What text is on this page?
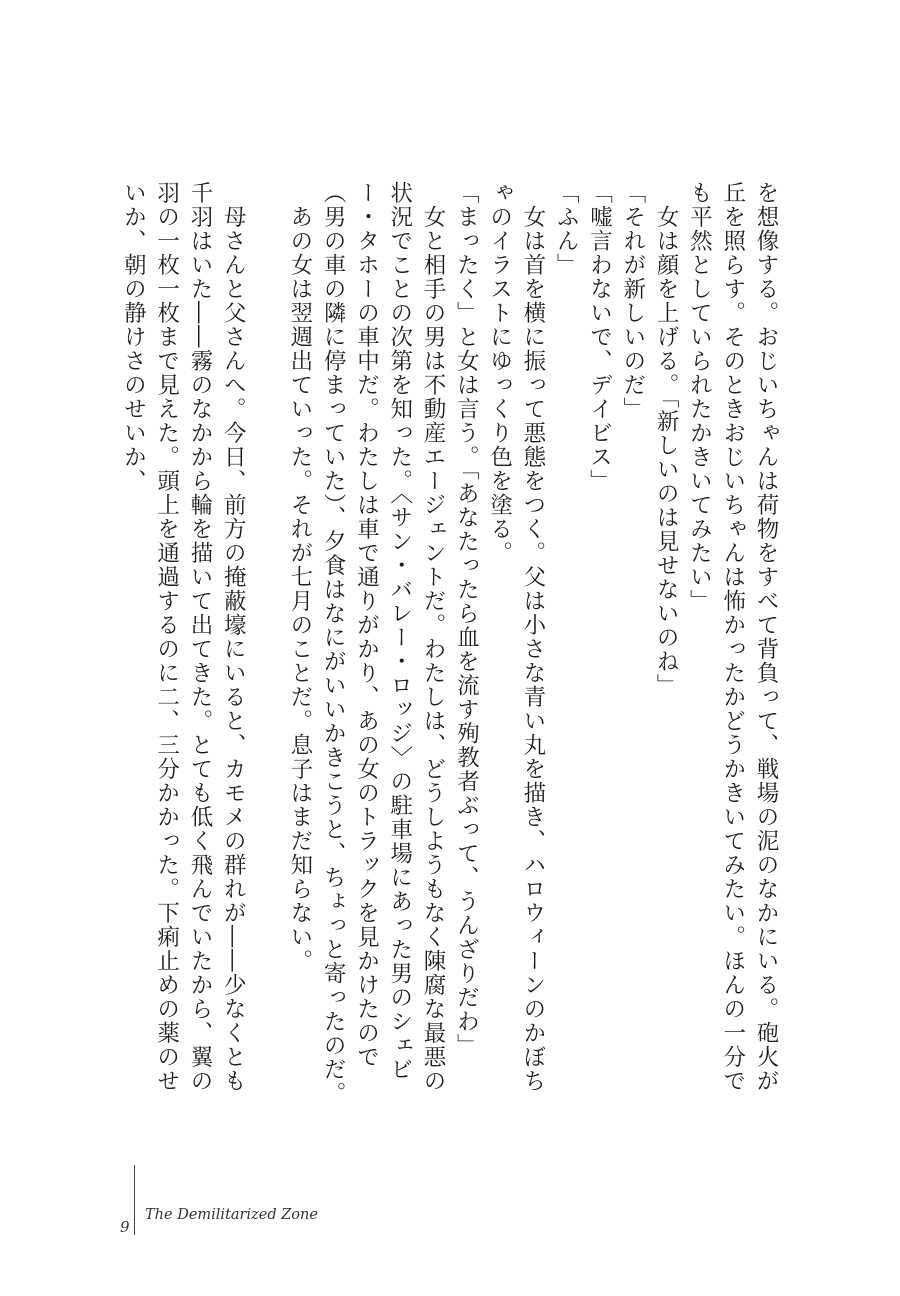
を想像する。おじいちゃんは荷物をすべて背負って、戦場の泥のなかにいる。砲火が丘を照らす。そのときおじいちゃんは怖かったかどうかきいてみたい。ほんの一分でも平然としていられたかきいてみたい」

　女は顔を上げる。「新しいのは見せないのね」

「それが新しいのだ」

「嘘言わないで、デイビス」

「ふん」

　女は首を横に振って悪態をつく。父は小さな青い丸を描き、ハロウィーンのかぼちゃのイラストにゆっくり色を塗る。

「まったく」と女は言う。「あなたったら血を流す殉教者ぶって、うんざりだわ」

　女と相手の男は不動産エージェントだ。わたしは、どうしようもなく陳腐な最悪の状況でことの次第を知った。〈サン・バレー・ロッジ〉の駐車場にあった男のシェビー・タホーの車中だ。わたしは車で通りがかり、あの女のトラックを見かけたので（男の車の隣に停まっていた）、夕食はなにがいいかきこうと、ちょっと寄ったのだ。

　あの女は翌週出ていった。それが七月のことだ。息子はまだ知らない。

　母さんと父さんへ。今日、前方の掩蔽壕にいると、カモメの群れが――少なくとも千羽はいた――霧のなかから輪を描いて出てきた。とても低く飛んでいたから、翼の羽の一枚一枚まで見えた。頭上を通過するのに二、三分かかった。下痢止めの薬のせいか、朝の静けさのせいか、

9
The Demilitarized Zone
